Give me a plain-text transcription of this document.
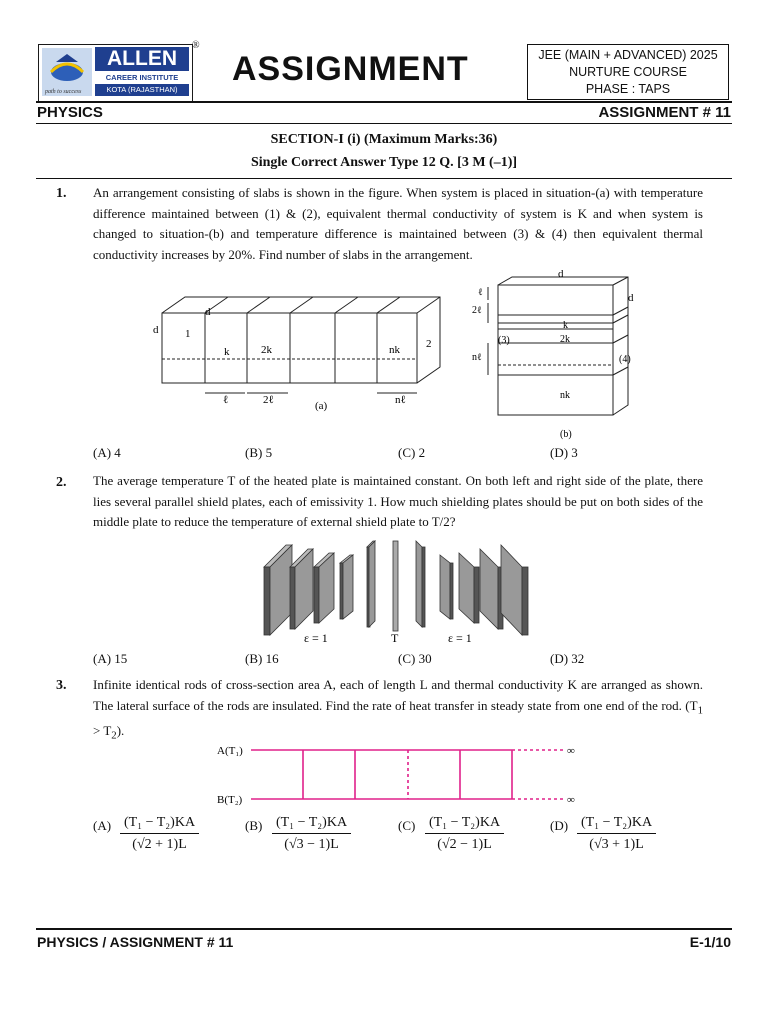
ALLEN
CAREER INSTITUTE
KOTA (RAJASTHAN)
path to success
®
ASSIGNMENT	JEE (MAIN + ADVANCED) 2025
NURTURE COURSE
PHASE : TAPS
PHYSICS	ASSIGNMENT # 11
SECTION-I (i) (Maximum Marks:36)
Single Correct Answer Type 12 Q. [3 M (–1)]
1. An arrangement consisting of slabs is shown in the figure. When system is placed in situation-(a) with temperature difference maintained between (1) & (2), equivalent thermal conductivity of system is K and when system is changed to situation-(b) and temperature difference is maintained between (3) & (4) then equivalent thermal conductivity increases by 20%. Find number of slabs in the arrangement.
d
d 1
2
k	2k	nk
ℓ	2ℓ	nℓ
(a)
d
d
ℓ
2ℓ
nℓ
k
2k
nk
(3)
(4)
(b)
(A) 4	(B) 5	(C) 2	(D) 3
2. The average temperature T of the heated plate is maintained constant. On both left and right side of the plate, there lies several parallel shield plates, each of emissivity 1. How much shielding plates should be put on both sides of the middle plate to reduce the temperature of external shield plate to T/2?
ε = 1	T	ε = 1
(A) 15	(B) 16	(C) 30	(D) 32
3. Infinite identical rods of cross-section area A, each of length L and thermal conductivity K are arranged as shown. The lateral surface of the rods are insulated. Find the rate of heat transfer in steady state from one end of the rod. $(T_1 > T_2)$.
A(T₁)
B(T₂)
∞
∞
$(A) \frac{\text{(T₁ − T₂)KA}}{(√2 + 1)L}$	$(B) \frac{\text{(T₁ − T₂)KA}}{(√3 - 1)L}$	$(C) \frac{\text{(T₁ − T₂)KA}}{(√2 - 1)L}$	$(D) \frac{\text{(T₁ − T₂)KA}}{(√3 + 1)L}$
PHYSICS / ASSIGNMENT # 11	E-1/10
